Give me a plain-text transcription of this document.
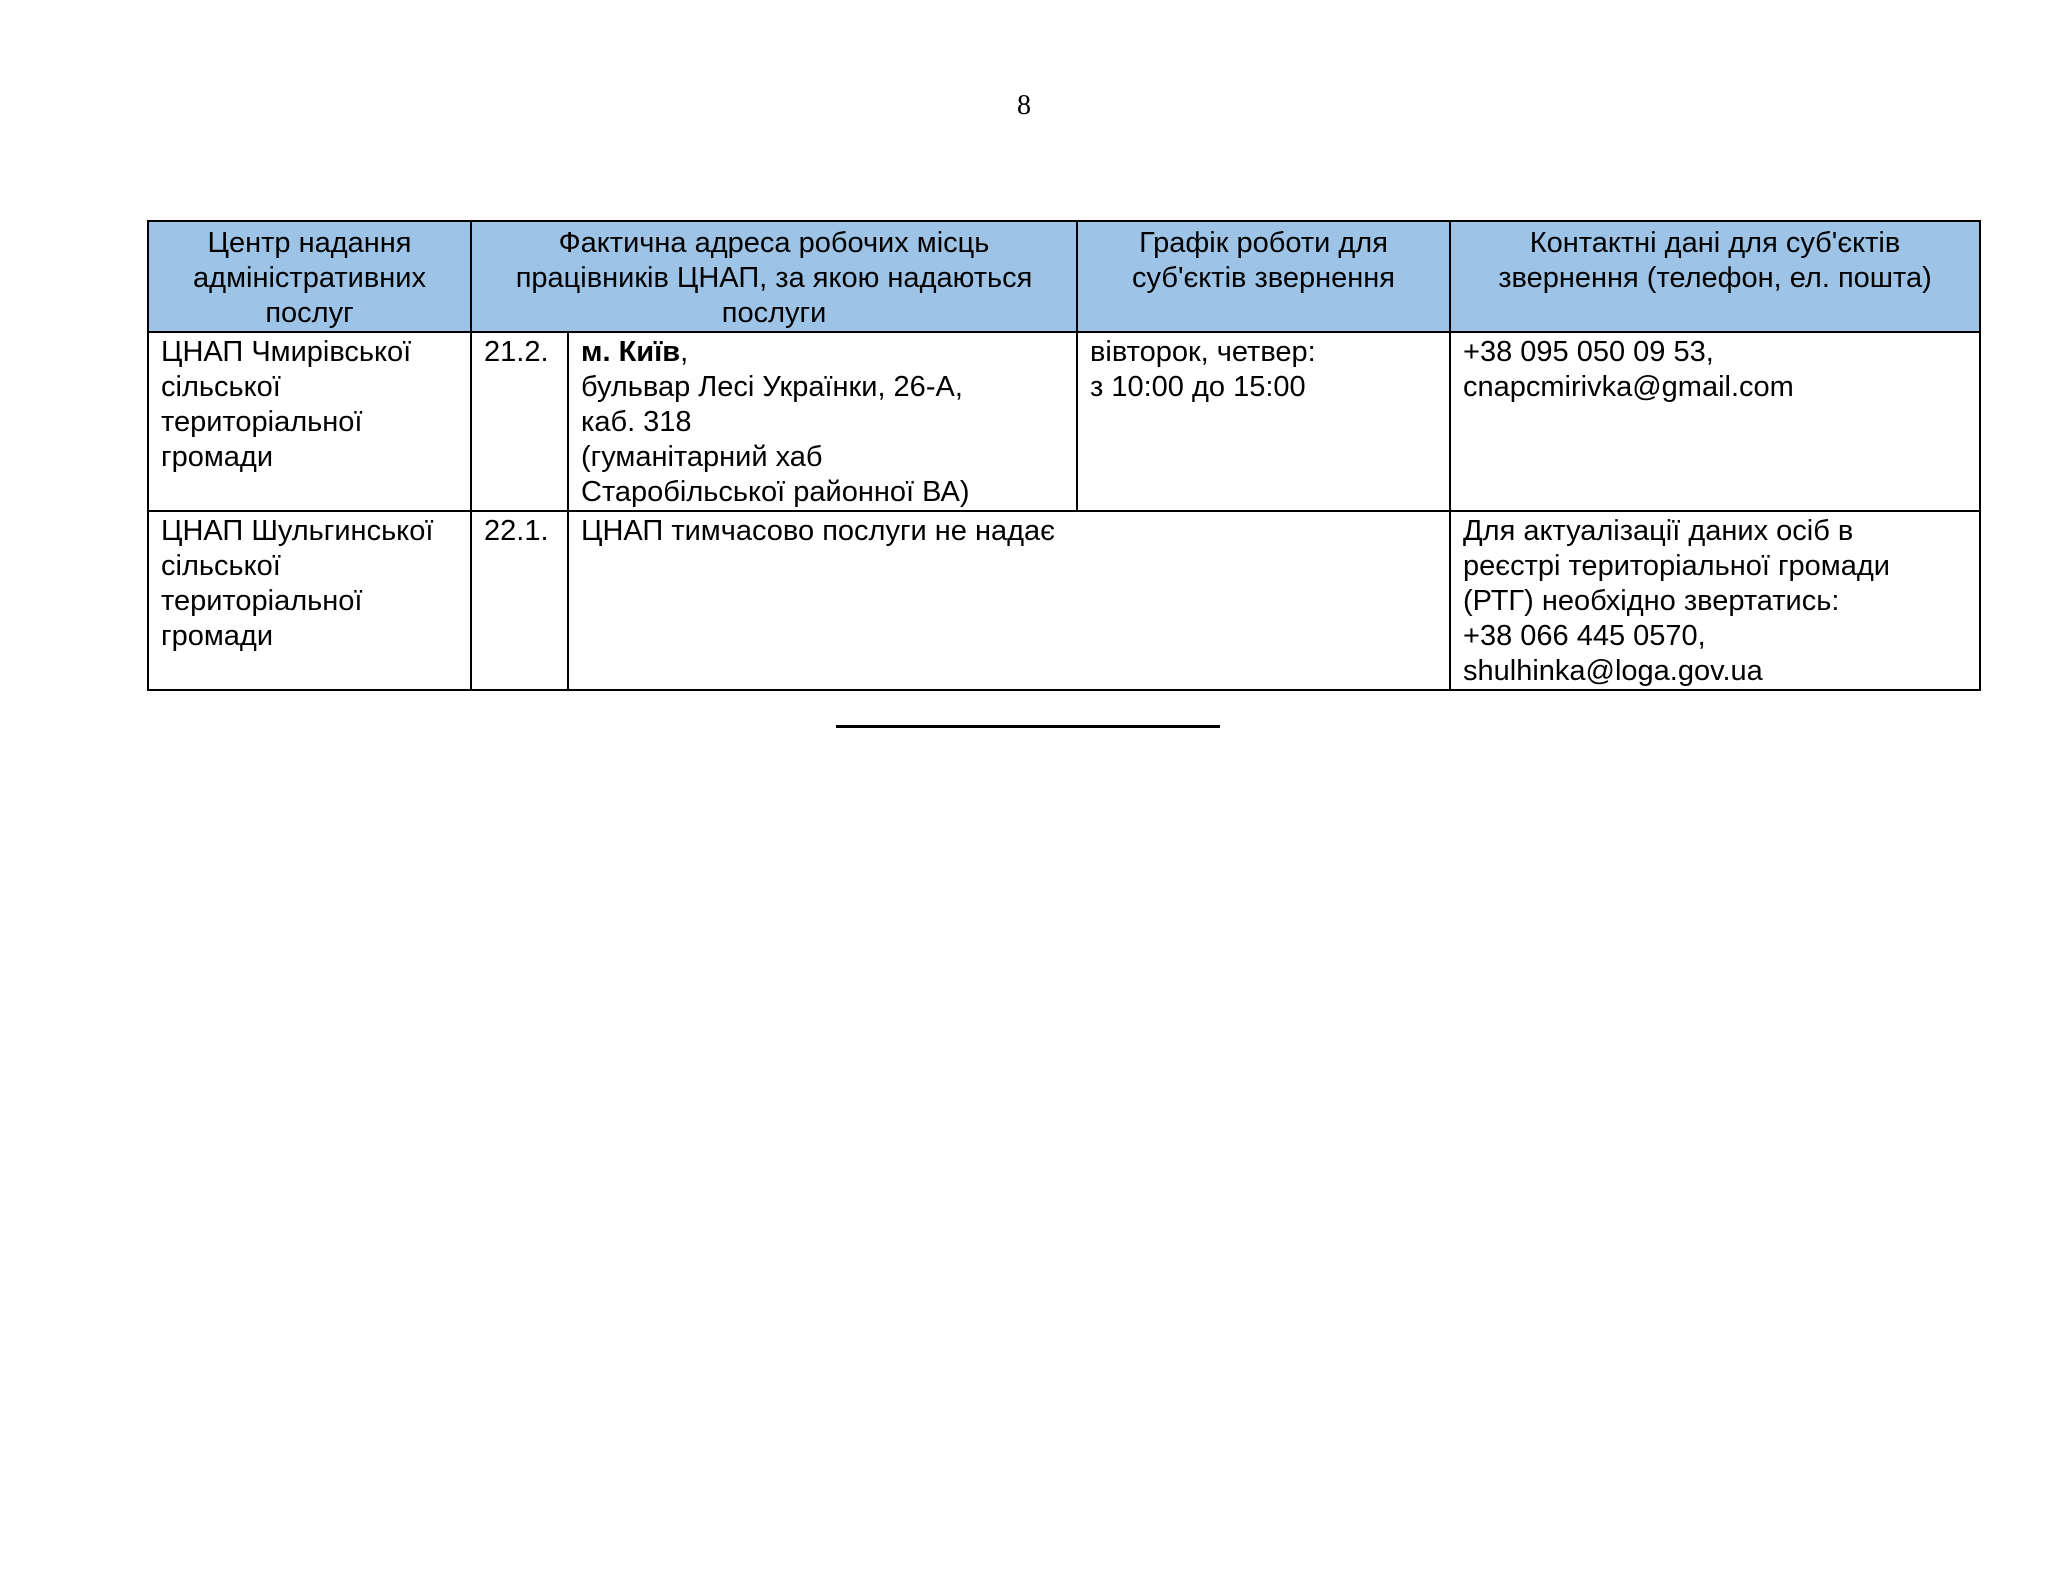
8
Центр надання адміністративних послуг	Фактична адреса робочих місць працівників ЦНАП, за якою надаються послуги		Графік роботи для суб'єктів звернення	Контактні дані для суб'єктів звернення (телефон, ел. пошта)

ЦНАП Чмирівської
сільської
територіальної
громади	21.2.	м. Київ,
бульвар Лесі Українки, 26-А,
каб. 318
(гуманітарний хаб
Старобільської районної ВА)	вівторок, четвер:
з 10:00 до 15:00	+38 095 050 09 53,
cnapcmirivka@gmail.com

ЦНАП Шульгинської
сільської
територіальної
громади	22.1.	ЦНАП тимчасово послуги не надає		Для актуалізації даних осіб в
реєстрі територіальної громади
(РТГ) необхідно звертатись:
+38 066 445 0570,
shulhinka@loga.gov.ua
